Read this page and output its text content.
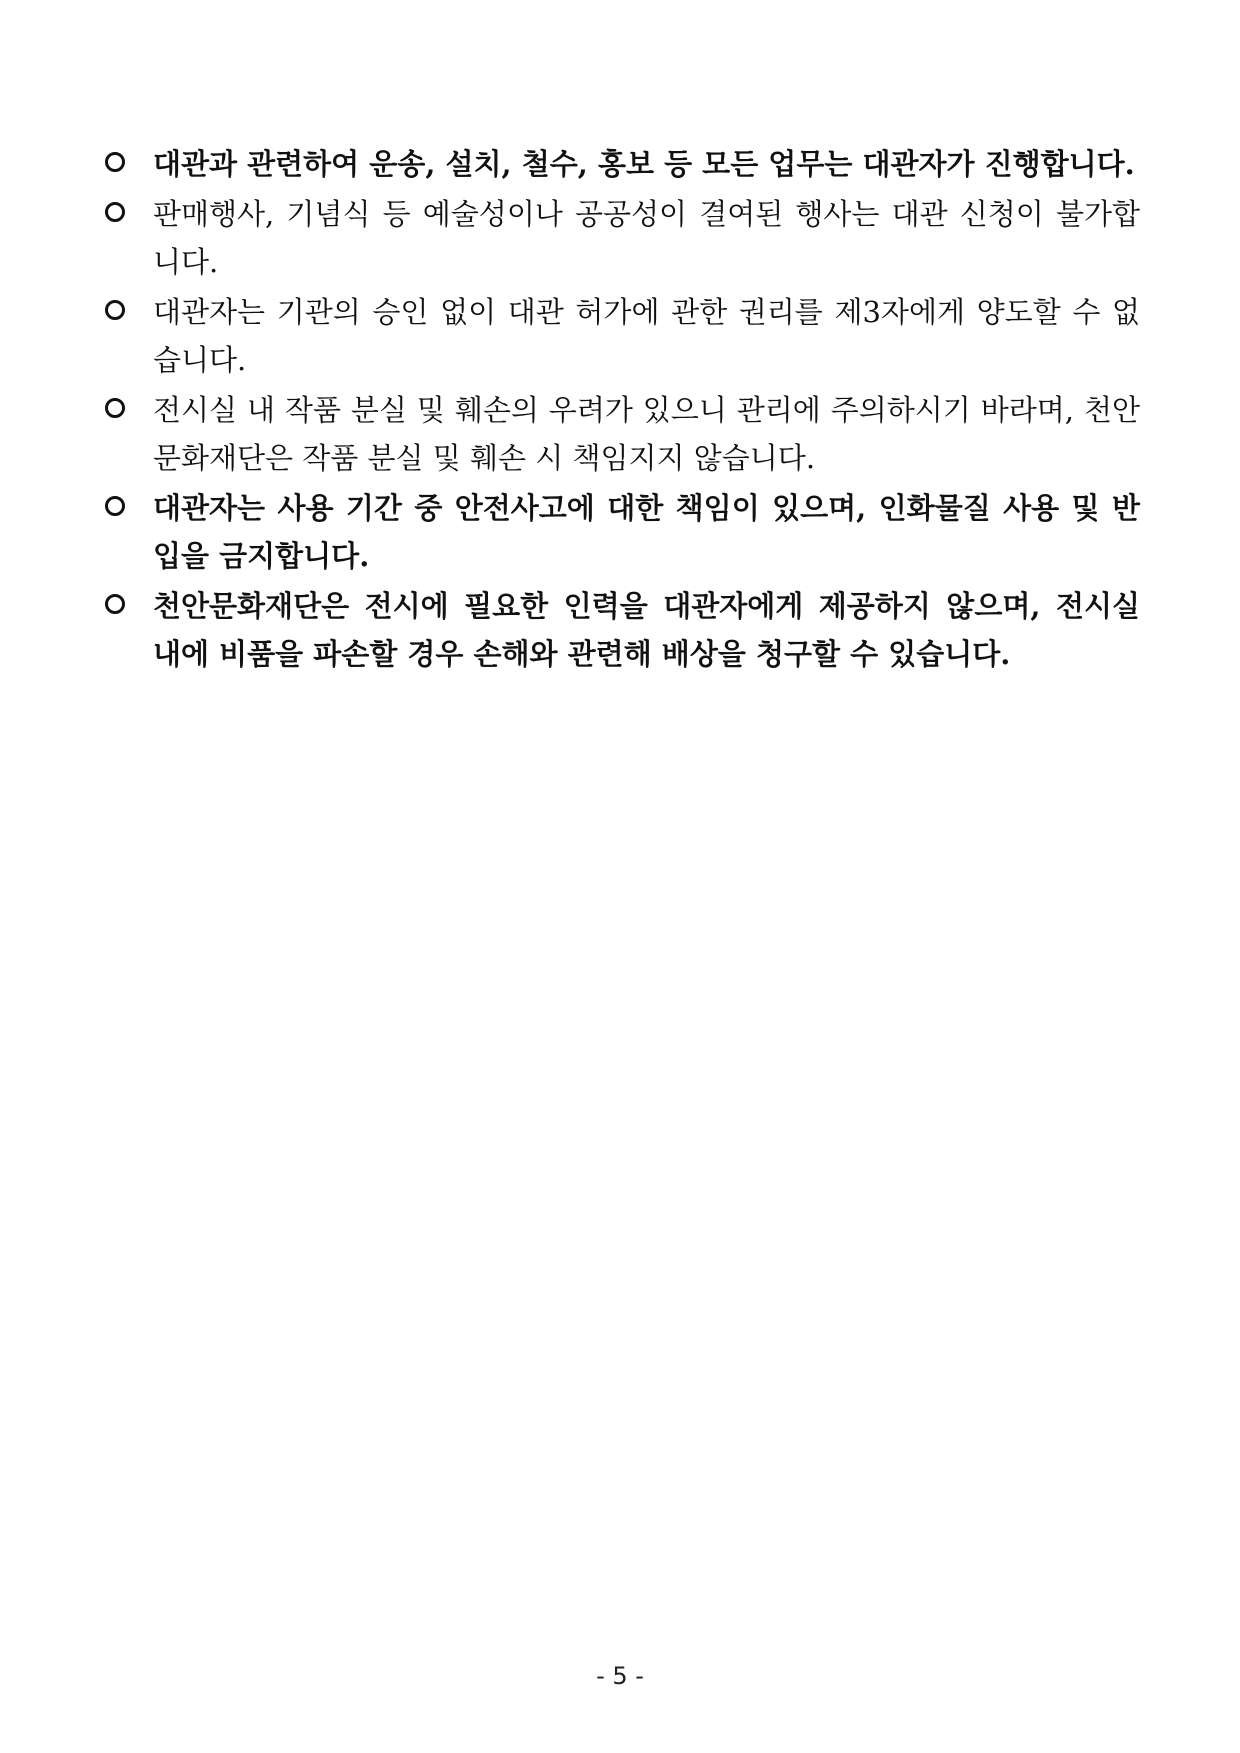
대관과 관련하여 운송, 설치, 철수, 홍보 등 모든 업무는 대관자가 진행합니다.
판매행사, 기념식 등 예술성이나 공공성이 결여된 행사는 대관 신청이 불가합니다.
대관자는 기관의 승인 없이 대관 허가에 관한 권리를 제3자에게 양도할 수 없습니다.
전시실 내 작품 분실 및 훼손의 우려가 있으니 관리에 주의하시기 바라며, 천안문화재단은 작품 분실 및 훼손 시 책임지지 않습니다.
대관자는 사용 기간 중 안전사고에 대한 책임이 있으며, 인화물질 사용 및 반입을 금지합니다.
천안문화재단은 전시에 필요한 인력을 대관자에게 제공하지 않으며, 전시실 내에 비품을 파손할 경우 손해와 관련해 배상을 청구할 수 있습니다.
- 5 -
